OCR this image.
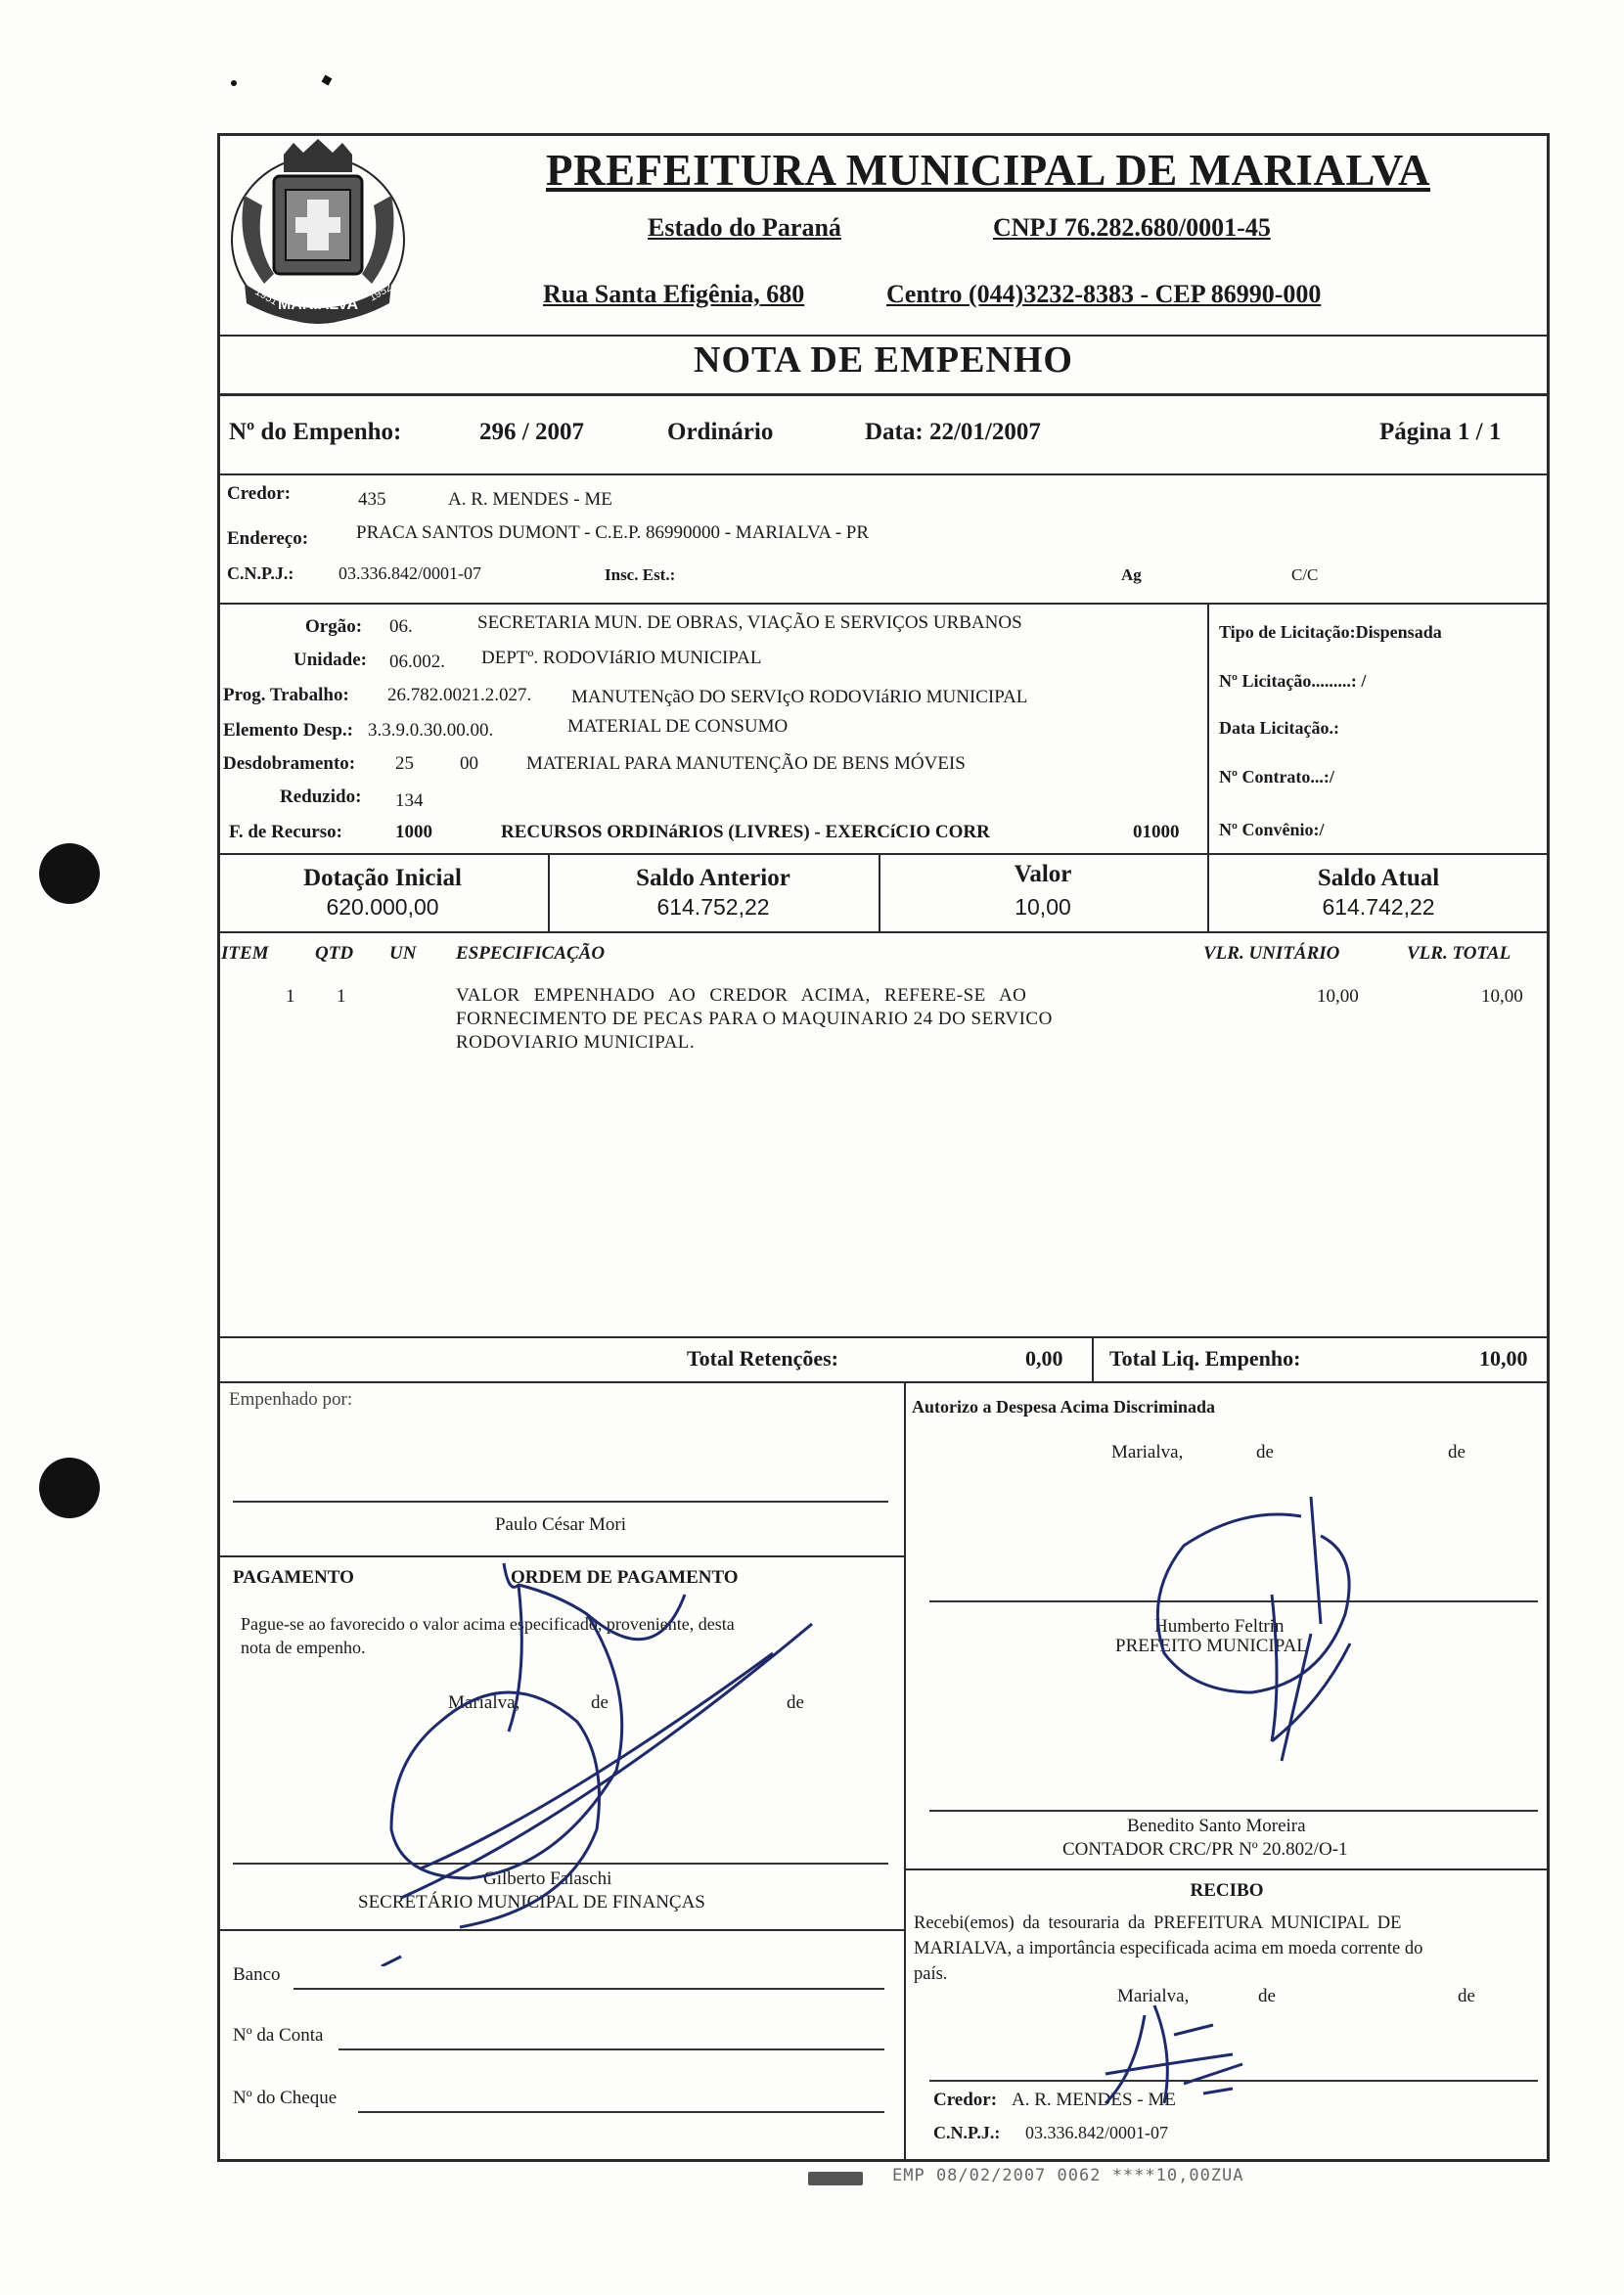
MARIALVA
1951	1952
PREFEITURA MUNICIPAL DE MARIALVA
Estado do Paraná	CNPJ 76.282.680/0001-45
Rua Santa Efigênia, 680	Centro (044)3232-8383 - CEP 86990-000
NOTA DE EMPENHO
Nº do Empenho:	296 / 2007	Ordinário	Data: 22/01/2007	Página 1 / 1
Credor:	435	A. R. MENDES - ME
Endereço:	PRACA SANTOS DUMONT - C.E.P. 86990000 - MARIALVA - PR
C.N.P.J.:	03.336.842/0001-07	Insc. Est.:	Ag	C/C
Orgão: 06.	SECRETARIA MUN. DE OBRAS, VIAÇÃO E SERVIÇOS URBANOS
Unidade: 06.002. DEPTº. RODOVIáRIO MUNICIPAL
Prog. Trabalho: 26.782.0021.2.027. MANUTENçãO DO SERVIçO RODOVIáRIO MUNICIPAL
Elemento Desp.: 3.3.9.0.30.00.00.	MATERIAL DE CONSUMO
Desdobramento: 25 00	MATERIAL PARA MANUTENÇÃO DE BENS MÓVEIS
Reduzido: 134
F. de Recurso:	1000	RECURSOS ORDINáRIOS (LIVRES) - EXERCíCIO CORR	01000
Tipo de Licitação:Dispensada
Nº Licitação.........: /
Data Licitação.:
Nº Contrato...:/
Nº Convênio:/
Dotação Inicial
620.000,00
Saldo Anterior
614.752,22
Valor
10,00
Saldo Atual
614.742,22
ITEM QTD UN ESPECIFICAÇÃO	VLR. UNITÁRIO	VLR. TOTAL
1 1	VALOR EMPENHADO AO CREDOR ACIMA, REFERE-SE AO
FORNECIMENTO DE PECAS PARA O MAQUINARIO 24 DO SERVICO
RODOVIARIO MUNICIPAL.
10,00	10,00
Total Retenções:	0,00 Total Liq. Empenho:	10,00
Empenhado por:
Paulo César Mori
PAGAMENTO	ORDEM DE PAGAMENTO
Pague-se ao favorecido o valor acima especificado, proveniente, desta
nota de empenho.
Marialva,	de	de
Gilberto Falaschi
SECRETÁRIO MUNICIPAL DE FINANÇAS
Banco
Nº da Conta
Nº do Cheque
Autorizo a Despesa Acima Discriminada
Marialva,	de	de
Humberto Feltrin
PREFEITO MUNICIPAL
Benedito Santo Moreira
CONTADOR CRC/PR Nº 20.802/O-1
RECIBO
Recebi(emos) da tesouraria da PREFEITURA MUNICIPAL DE
MARIALVA, a importância especificada acima em moeda corrente do
país.
Marialva,	de	de
Credor: A. R. MENDES - ME
C.N.P.J.: 03.336.842/0001-07
EMP 08/02/2007 0062 ****10,00ZUA
